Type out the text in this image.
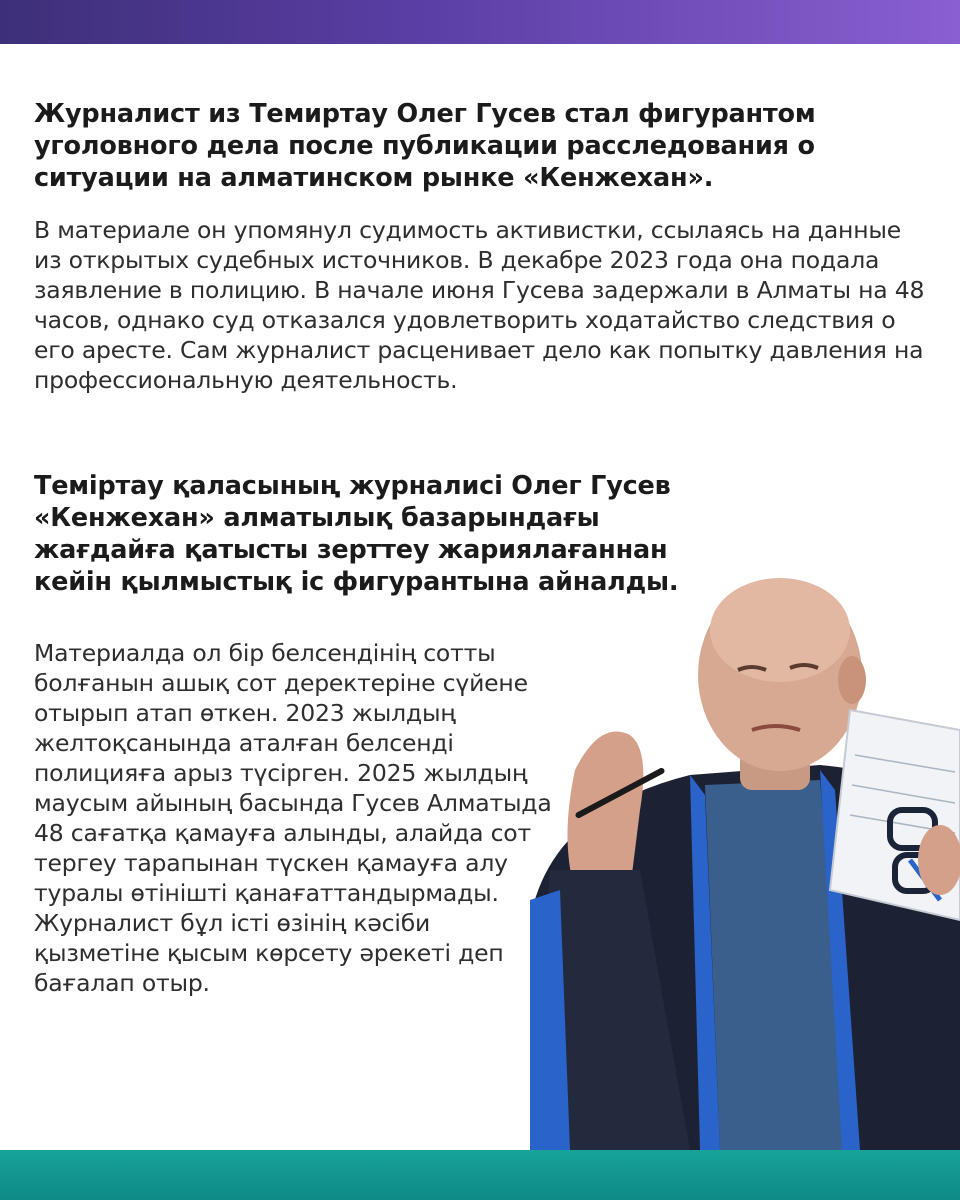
Журналист из Темиртау Олег Гусев стал фигурантом уголовного дела после публикации расследования о ситуации на алматинском рынке «Кенжехан».

В материале он упомянул судимость активистки, ссылаясь на данные из открытых судебных источников. В декабре 2023 года она подала заявление в полицию. В начале июня Гусева задержали в Алматы на 48 часов, однако суд отказался удовлетворить ходатайство следствия о его аресте. Сам журналист расценивает дело как попытку давления на профессиональную деятельность.

Теміртау қаласының журналисі Олег Гусев «Кенжехан» алматылық базарындағы жағдайға қатысты зерттеу жариялағаннан кейін қылмыстық іс фигурантына айналды.

Материалда ол бір белсендінің сотты болғанын ашық сот деректеріне сүйене отырып атап өткен. 2023 жылдың желтоқсанында аталған белсенді полицияға арыз түсірген. 2025 жылдың маусым айының басында Гусев Алматыда 48 сағатқа қамауға алынды, алайда сот тергеу тарапынан түскен қамауға алу туралы өтінішті қанағаттандырмады. Журналист бұл істі өзінің кәсіби қызметіне қысым көрсету әрекеті деп бағалап отыр.
